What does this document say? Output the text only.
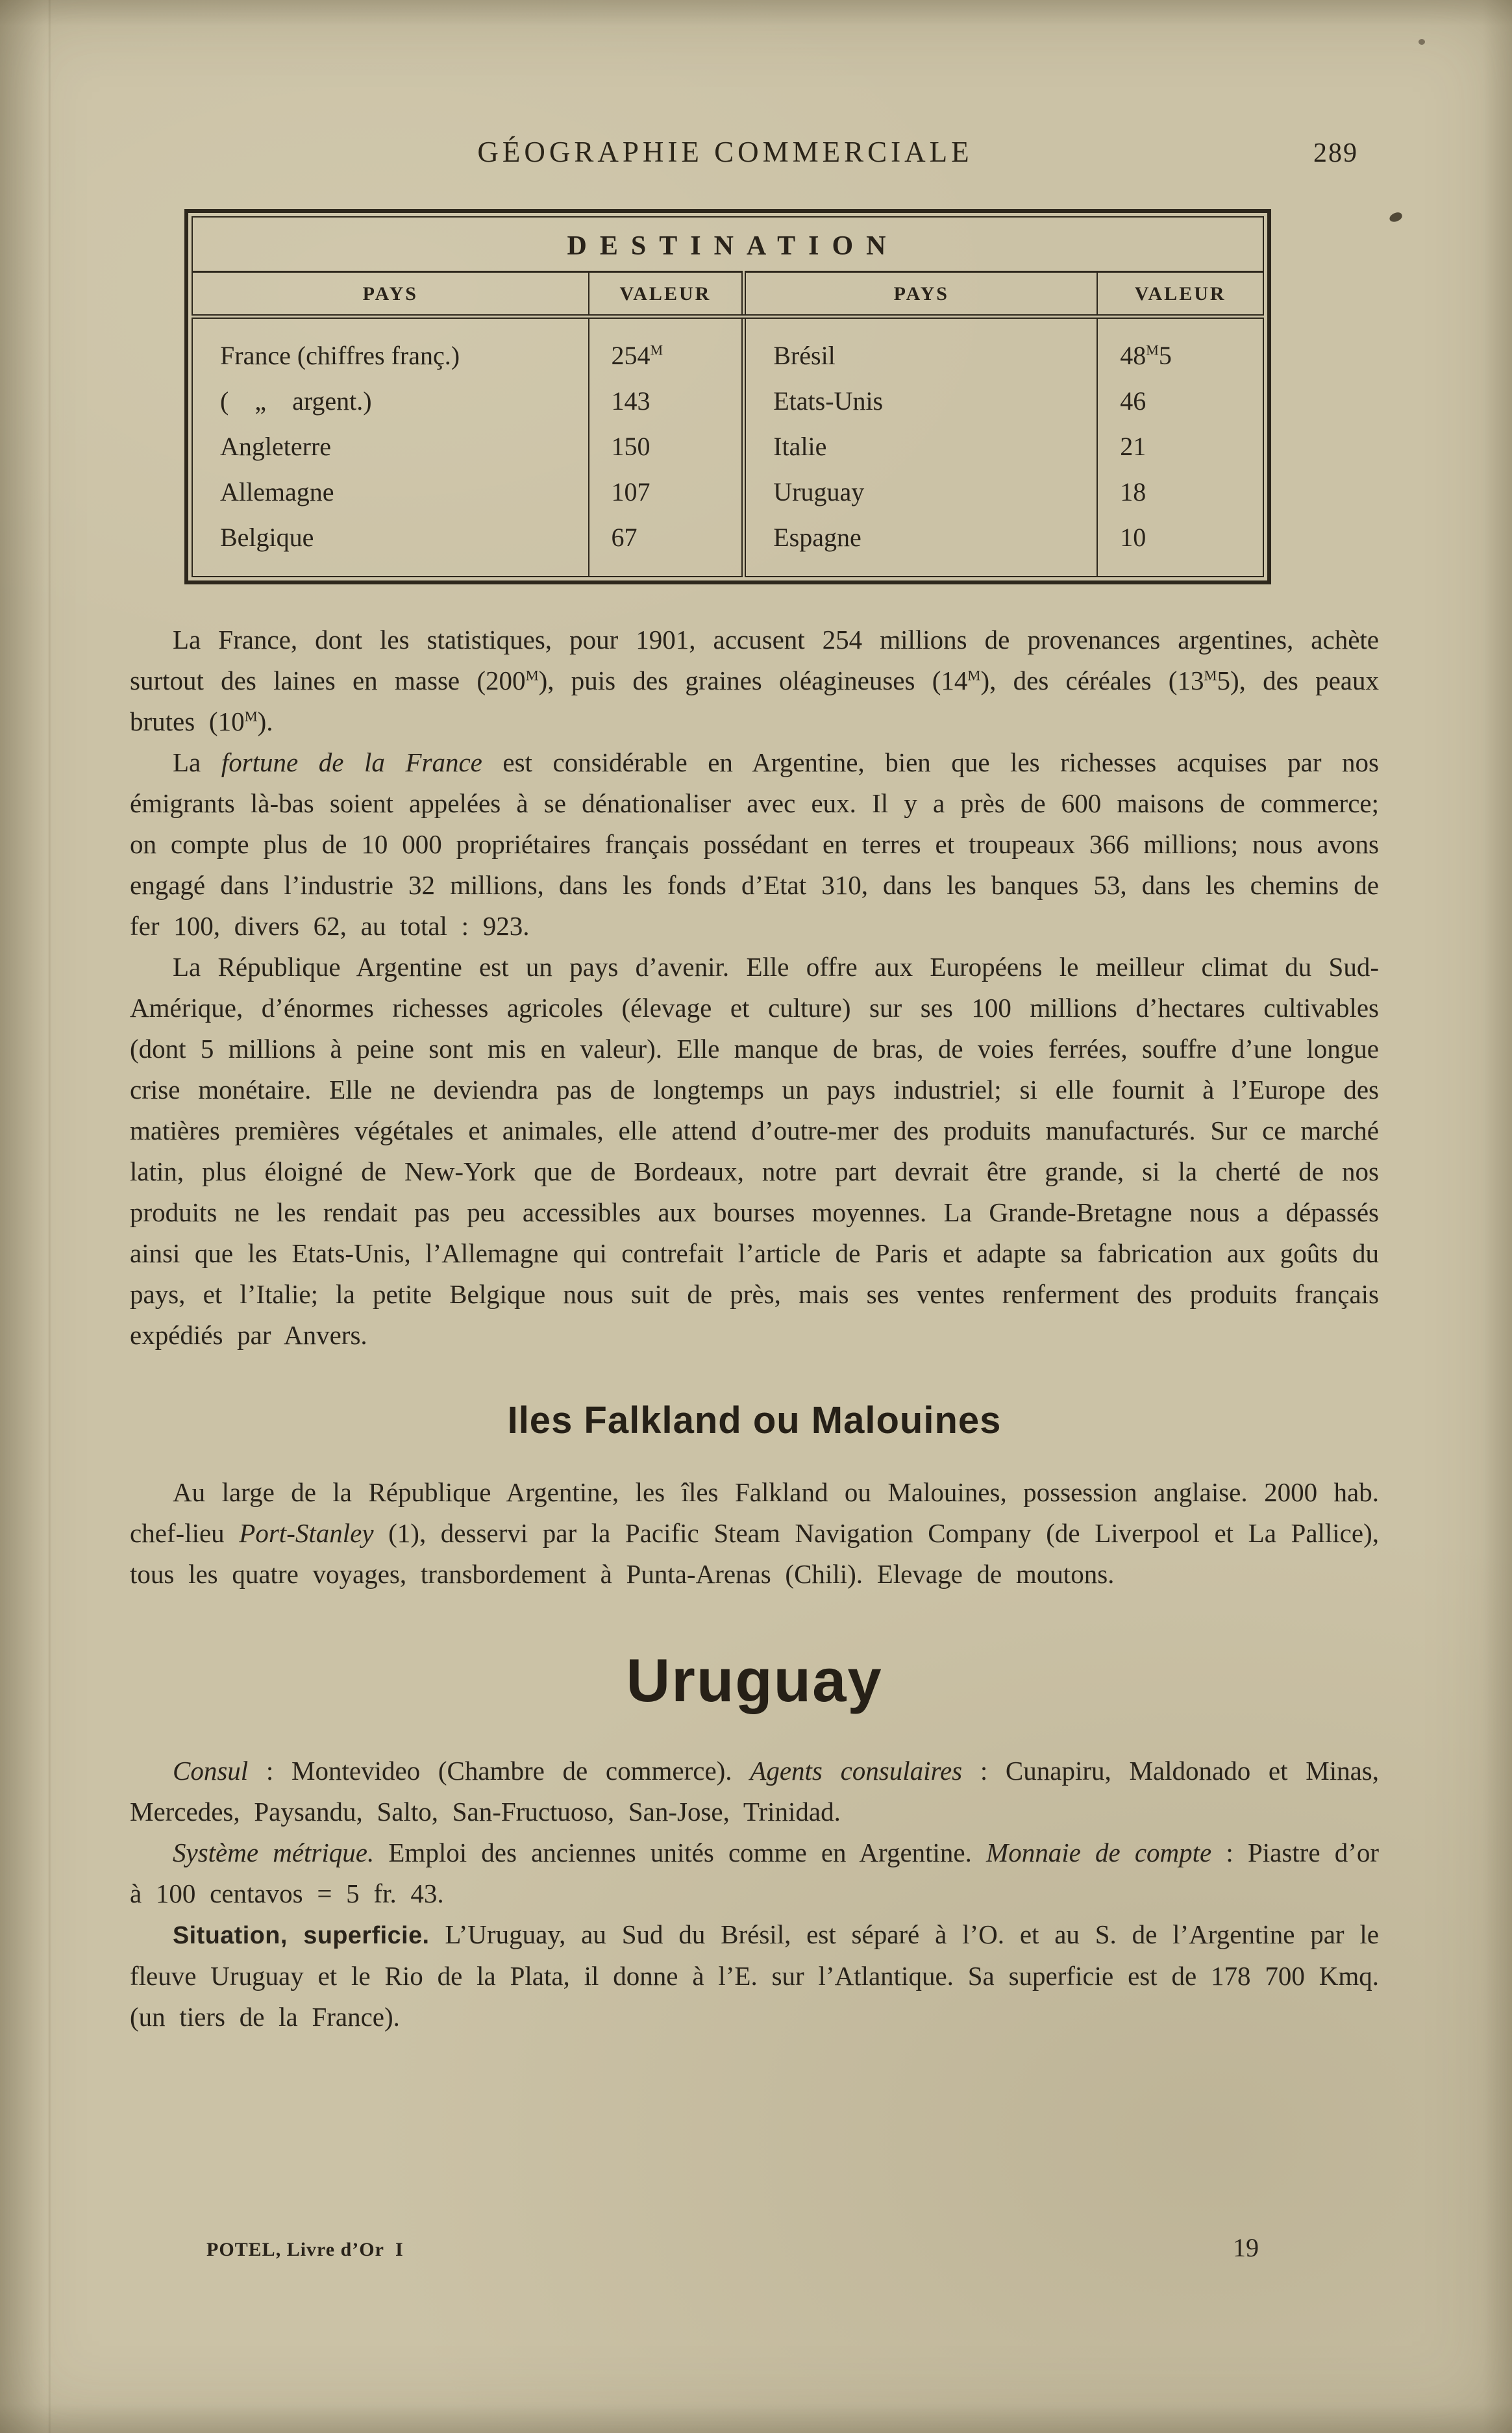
GÉOGRAPHIE COMMERCIALE	289
DESTINATION			
PAYS	VALEUR	PAYS	VALEUR
France (chiffres franç.)	$254^M$	Brésil	$48^M5$
(    „    argent.)	143	Etats-Unis	46
Angleterre	150	Italie	21
Allemagne	107	Uruguay	18
Belgique	67	Espagne	10

La France, dont les statistiques, pour 1901, accusent 254 millions de provenances argentines, achète surtout des laines en masse $(200^M)$, puis des graines oléagineuses $(14^M)$, des céréales $(13^M5)$, des peaux brutes $(10^M)$.

La fortune de la France est considérable en Argentine, bien que les richesses acquises par nos émigrants là-bas soient appelées à se dénationaliser avec eux. Il y a près de 600 maisons de commerce; on compte plus de 10 000 propriétaires français possédant en terres et troupeaux 366 millions; nous avons engagé dans l’industrie 32 millions, dans les fonds d’Etat 310, dans les banques 53, dans les chemins de fer 100, divers 62, au total : 923.

La République Argentine est un pays d’avenir. Elle offre aux Européens le meilleur climat du Sud-Amérique, d’énormes richesses agricoles (élevage et culture) sur ses 100 millions d’hectares cultivables (dont 5 millions à peine sont mis en valeur). Elle manque de bras, de voies ferrées, souffre d’une longue crise monétaire. Elle ne deviendra pas de longtemps un pays industriel; si elle fournit à l’Europe des matières premières végétales et animales, elle attend d’outre-mer des produits manufacturés. Sur ce marché latin, plus éloigné de New-York que de Bordeaux, notre part devrait être grande, si la cherté de nos produits ne les rendait pas peu accessibles aux bourses moyennes. La Grande-Bretagne nous a dépassés ainsi que les Etats-Unis, l’Allemagne qui contrefait l’article de Paris et adapte sa fabrication aux goûts du pays, et l’Italie; la petite Belgique nous suit de près, mais ses ventes renferment des produits français expédiés par Anvers.

Iles Falkland ou Malouines

Au large de la République Argentine, les îles Falkland ou Malouines, possession anglaise. 2000 hab. chef-lieu Port-Stanley (1), desservi par la Pacific Steam Navigation Company (de Liverpool et La Pallice), tous les quatre voyages, transbordement à Punta-Arenas (Chili). Elevage de moutons.

Uruguay

Consul : Montevideo (Chambre de commerce). Agents consulaires : Cunapiru, Maldonado et Minas, Mercedes, Paysandu, Salto, San-Fructuoso, San-Jose, Trinidad.

Système métrique. Emploi des anciennes unités comme en Argentine. Monnaie de compte : Piastre d’or à 100 centavos = 5 fr. 43.

Situation, superficie. L’Uruguay, au Sud du Brésil, est séparé à l’O. et au S. de l’Argentine par le fleuve Uruguay et le Rio de la Plata, il donne à l’E. sur l’Atlantique. Sa superficie est de 178 700 Kmq. (un tiers de la France).

POTEL, Livre d’Or  I	19
